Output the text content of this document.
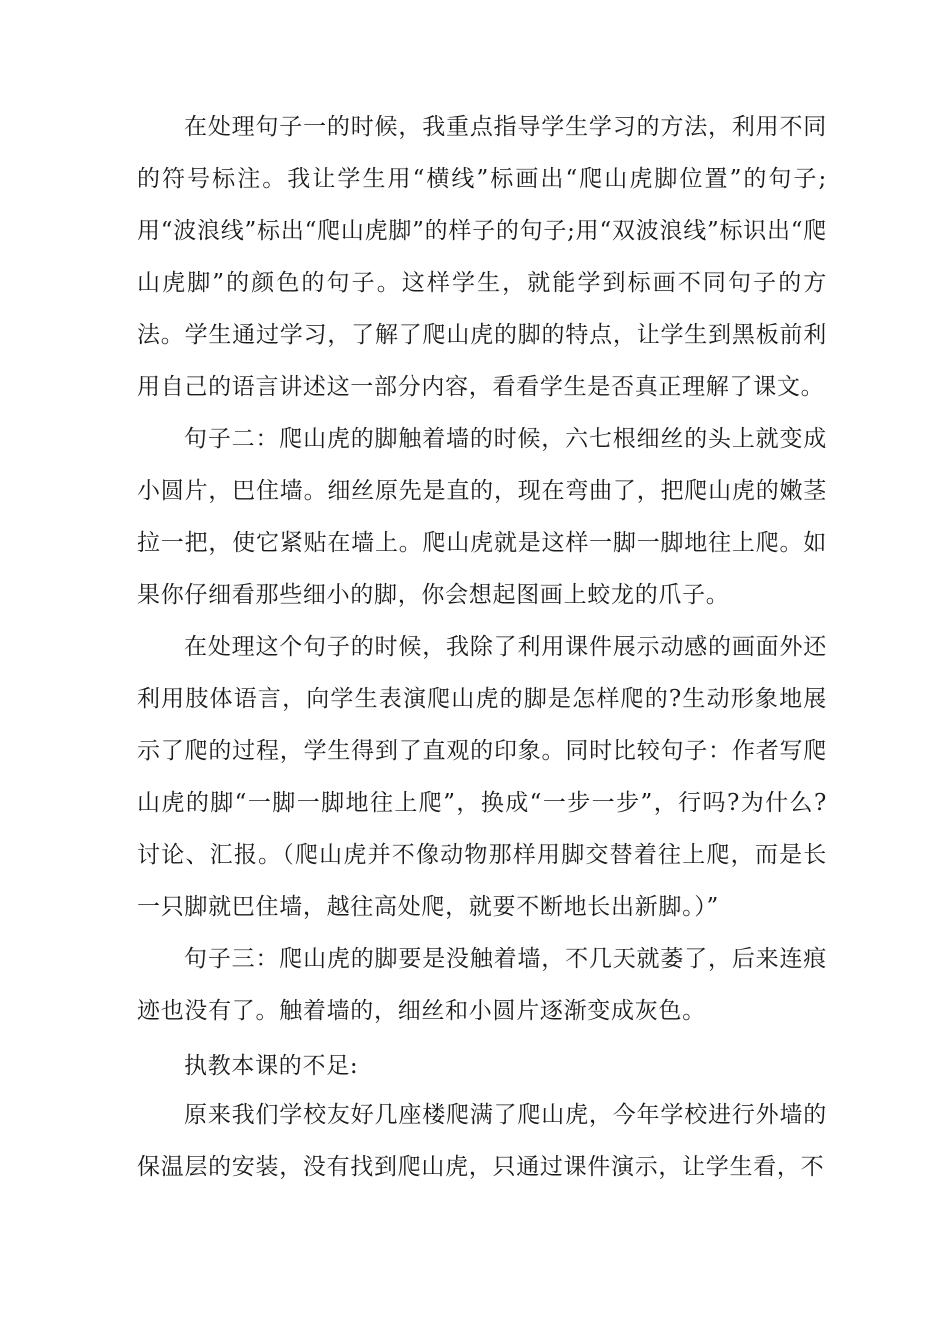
在处理句子一的时候，我重点指导学生学习的方法，利用不同的符号标注。我让学生用“横线”标画出“爬山虎脚位置”的句子;用“波浪线”标出“爬山虎脚”的样子的句子;用“双波浪线”标识出“爬山虎脚”的颜色的句子。这样学生，就能学到标画不同句子的方法。学生通过学习，了解了爬山虎的脚的特点，让学生到黑板前利用自己的语言讲述这一部分内容，看看学生是否真正理解了课文。

句子二：爬山虎的脚触着墙的时候，六七根细丝的头上就变成小圆片，巴住墙。细丝原先是直的，现在弯曲了，把爬山虎的嫩茎拉一把，使它紧贴在墙上。爬山虎就是这样一脚一脚地往上爬。如果你仔细看那些细小的脚，你会想起图画上蛟龙的爪子。

在处理这个句子的时候，我除了利用课件展示动感的画面外还利用肢体语言，向学生表演爬山虎的脚是怎样爬的?生动形象地展示了爬的过程，学生得到了直观的印象。同时比较句子：作者写爬山虎的脚“一脚一脚地往上爬”，换成“一步一步”，行吗?为什么?讨论、汇报。（爬山虎并不像动物那样用脚交替着往上爬，而是长一只脚就巴住墙，越往高处爬，就要不断地长出新脚。）”

句子三：爬山虎的脚要是没触着墙，不几天就萎了，后来连痕迹也没有了。触着墙的，细丝和小圆片逐渐变成灰色。

执教本课的不足:

原来我们学校友好几座楼爬满了爬山虎，今年学校进行外墙的保温层的安装，没有找到爬山虎，只通过课件演示，让学生看，不
